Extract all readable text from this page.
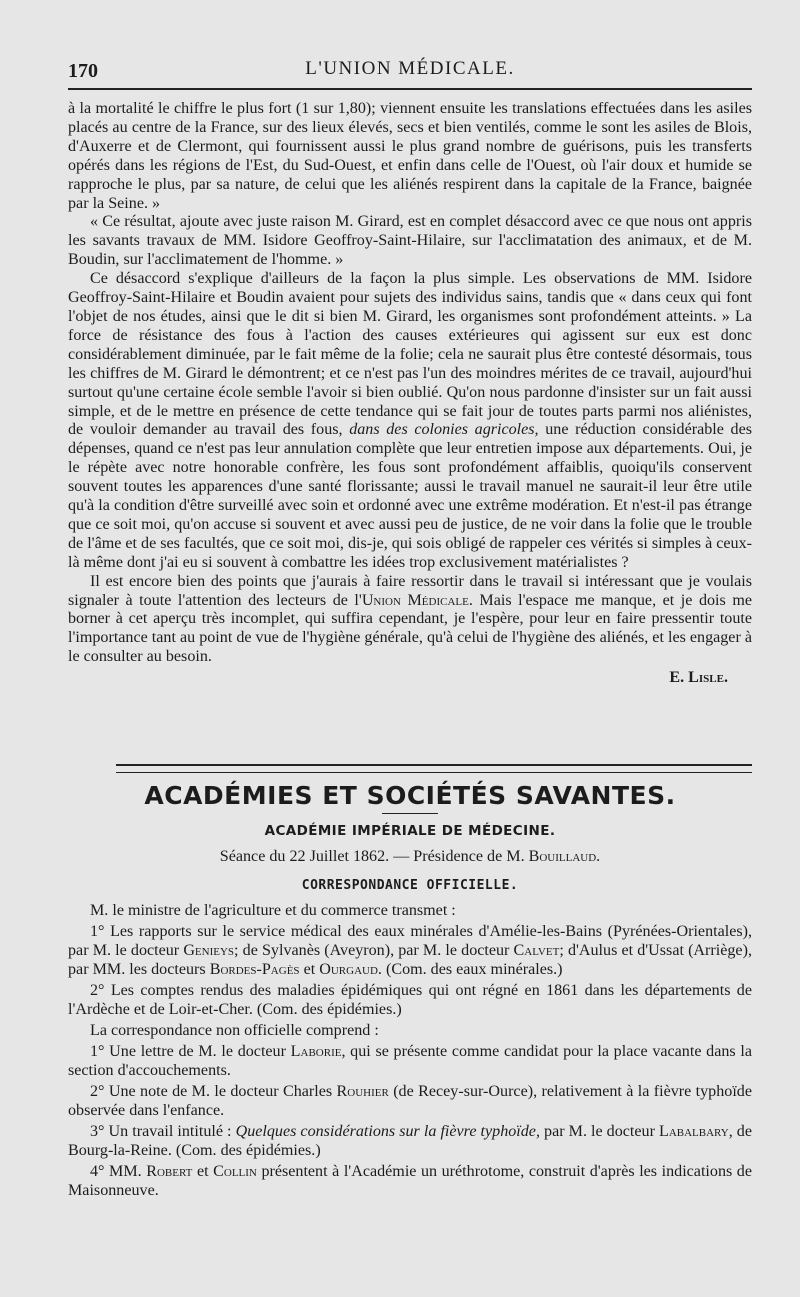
170	L'UNION MÉDICALE.

à la mortalité le chiffre le plus fort (1 sur 1,80); viennent ensuite les translations effectuées dans les asiles placés au centre de la France, sur des lieux élevés, secs et bien ventilés, comme le sont les asiles de Blois, d'Auxerre et de Clermont, qui fournissent aussi le plus grand nombre de guérisons, puis les transferts opérés dans les régions de l'Est, du Sud-Ouest, et enfin dans celle de l'Ouest, où l'air doux et humide se rapproche le plus, par sa nature, de celui que les aliénés respirent dans la capitale de la France, baignée par la Seine. »

« Ce résultat, ajoute avec juste raison M. Girard, est en complet désaccord avec ce que nous ont appris les savants travaux de MM. Isidore Geoffroy-Saint-Hilaire, sur l'acclimatation des animaux, et de M. Boudin, sur l'acclimatement de l'homme. »

Ce désaccord s'explique d'ailleurs de la façon la plus simple. Les observations de MM. Isidore Geoffroy-Saint-Hilaire et Boudin avaient pour sujets des individus sains, tandis que « dans ceux qui font l'objet de nos études, ainsi que le dit si bien M. Girard, les organismes sont profondément atteints. » La force de résistance des fous à l'action des causes extérieures qui agissent sur eux est donc considérablement diminuée, par le fait même de la folie; cela ne saurait plus être contesté désormais, tous les chiffres de M. Girard le démontrent; et ce n'est pas l'un des moindres mérites de ce travail, aujourd'hui surtout qu'une certaine école semble l'avoir si bien oublié. Qu'on nous pardonne d'insister sur un fait aussi simple, et de le mettre en présence de cette tendance qui se fait jour de toutes parts parmi nos aliénistes, de vouloir demander au travail des fous, dans des colonies agricoles, une réduction considérable des dépenses, quand ce n'est pas leur annulation complète que leur entretien impose aux départements. Oui, je le répète avec notre honorable confrère, les fous sont profondément affaiblis, quoiqu'ils conservent souvent toutes les apparences d'une santé florissante; aussi le travail manuel ne saurait-il leur être utile qu'à la condition d'être surveillé avec soin et ordonné avec une extrême modération. Et n'est-il pas étrange que ce soit moi, qu'on accuse si souvent et avec aussi peu de justice, de ne voir dans la folie que le trouble de l'âme et de ses facultés, que ce soit moi, dis-je, qui sois obligé de rappeler ces vérités si simples à ceux-là même dont j'ai eu si souvent à combattre les idées trop exclusivement matérialistes ?

Il est encore bien des points que j'aurais à faire ressortir dans le travail si intéressant que je voulais signaler à toute l'attention des lecteurs de l'Union Médicale. Mais l'espace me manque, et je dois me borner à cet aperçu très incomplet, qui suffira cependant, je l'espère, pour leur en faire pressentir toute l'importance tant au point de vue de l'hygiène générale, qu'à celui de l'hygiène des aliénés, et les engager à le consulter au besoin.

E. Lisle.

ACADÉMIES ET SOCIÉTÉS SAVANTES.
ACADÉMIE IMPÉRIALE DE MÉDECINE.
Séance du 22 Juillet 1862. — Présidence de M. Bouillaud.
CORRESPONDANCE OFFICIELLE.

M. le ministre de l'agriculture et du commerce transmet :

1° Les rapports sur le service médical des eaux minérales d'Amélie-les-Bains (Pyrénées-Orientales), par M. le docteur Genieys; de Sylvanès (Aveyron), par M. le docteur Calvet; d'Aulus et d'Ussat (Arriège), par MM. les docteurs Bordes-Pagès et Ourgaud. (Com. des eaux minérales.)

2° Les comptes rendus des maladies épidémiques qui ont régné en 1861 dans les départements de l'Ardèche et de Loir-et-Cher. (Com. des épidémies.)

La correspondance non officielle comprend :

1° Une lettre de M. le docteur Laborie, qui se présente comme candidat pour la place vacante dans la section d'accouchements.

2° Une note de M. le docteur Charles Rouhier (de Recey-sur-Ource), relativement à la fièvre typhoïde observée dans l'enfance.

3° Un travail intitulé : Quelques considérations sur la fièvre typhoïde, par M. le docteur Labalbary, de Bourg-la-Reine. (Com. des épidémies.)

4° MM. Robert et Collin présentent à l'Académie un uréthrotome, construit d'après les indications de Maisonneuve.
